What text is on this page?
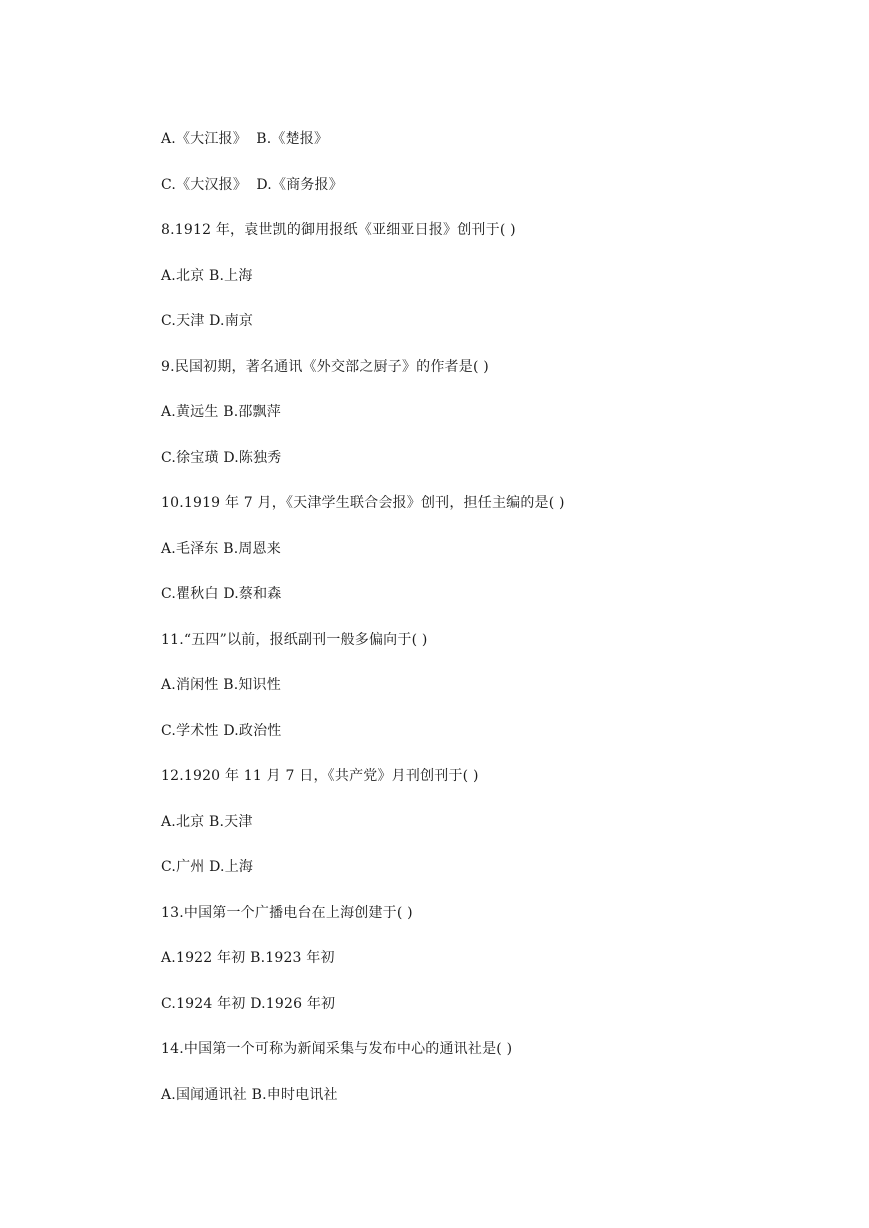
A.《大江报》  B.《楚报》
C.《大汉报》  D.《商务报》
8.1912 年，袁世凯的御用报纸《亚细亚日报》创刊于( )
A.北京 B.上海
C.天津 D.南京
9.民国初期，著名通讯《外交部之厨子》的作者是( )
A.黄远生 B.邵飘萍
C.徐宝璜 D.陈独秀
10.1919 年 7 月，《天津学生联合会报》创刊，担任主编的是( )
A.毛泽东 B.周恩来
C.瞿秋白 D.蔡和森
11.“五四”以前，报纸副刊一般多偏向于( )
A.消闲性 B.知识性
C.学术性 D.政治性
12.1920 年 11 月 7 日，《共产党》月刊创刊于( )
A.北京 B.天津
C.广州 D.上海
13.中国第一个广播电台在上海创建于( )
A.1922 年初 B.1923 年初
C.1924 年初 D.1926 年初
14.中国第一个可称为新闻采集与发布中心的通讯社是( )
A.国闻通讯社 B.申时电讯社
